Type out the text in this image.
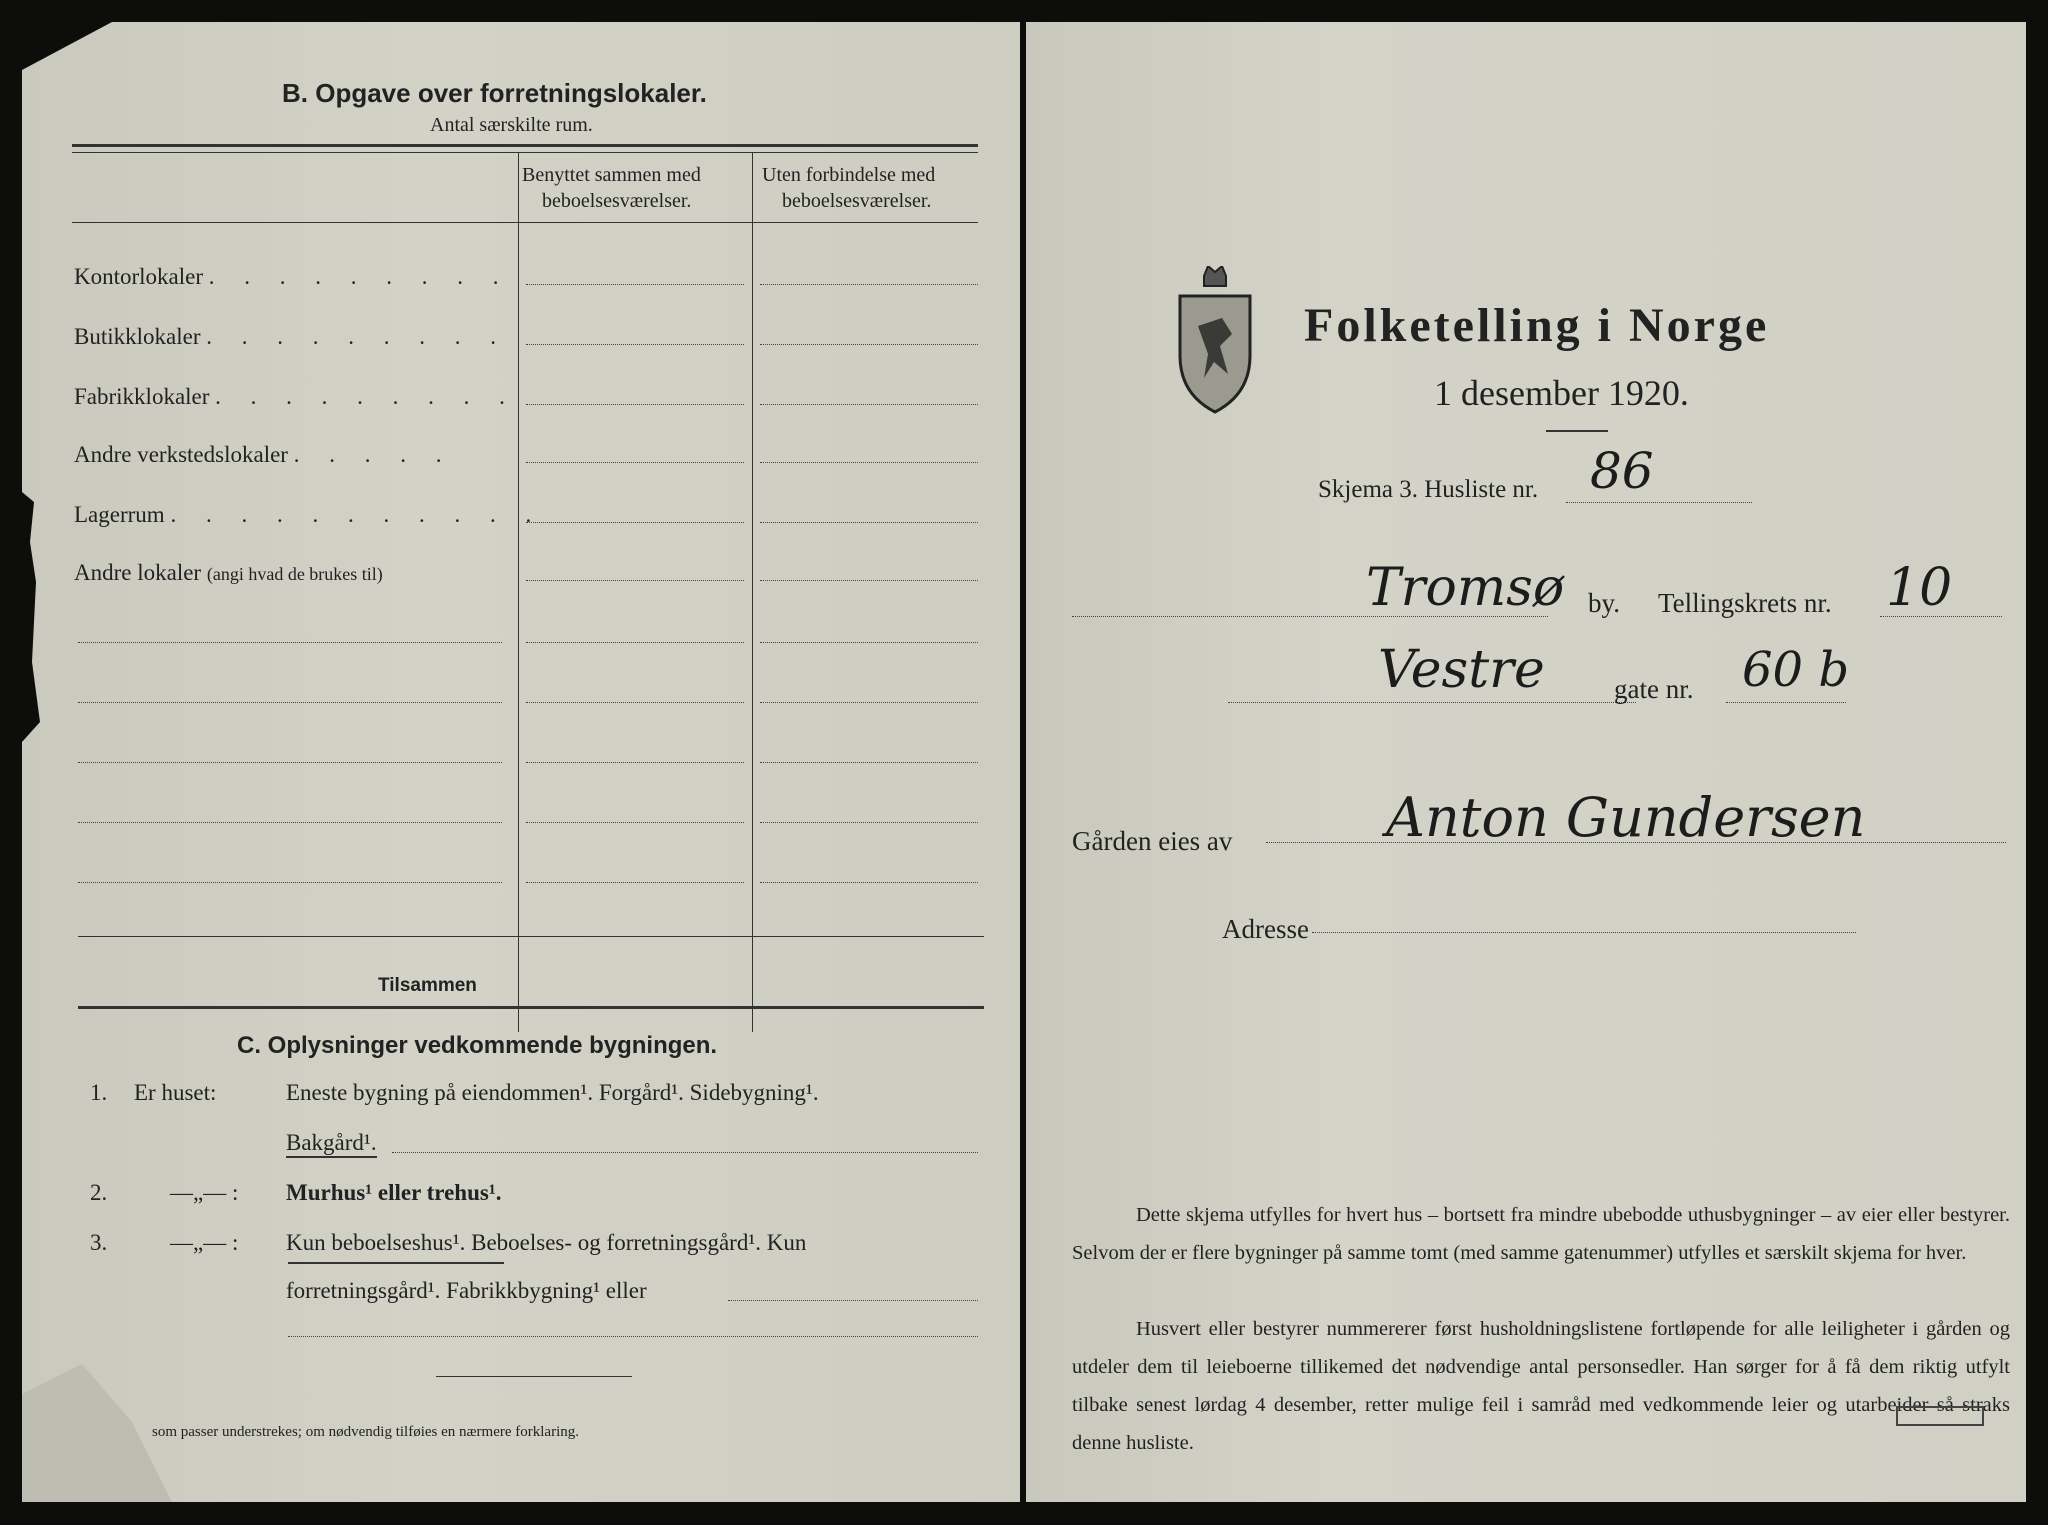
B. Opgave over forretningslokaler.
Antal særskilte rum.
Benyttet sammen med
beboelsesværelser.
Uten forbindelse med
beboelsesværelser.
Kontorlokaler . . . . . . . . .
Butikklokaler . . . . . . . . .
Fabrikklokaler . . . . . . . . .
Andre verkstedslokaler . . . . .
Lagerrum . . . . . . . . . . .
Andre lokaler (angi hvad de brukes til)
Tilsammen
C. Oplysninger vedkommende bygningen.
1. Er huset:	Eneste bygning på eiendommen¹. Forgård¹. Sidebygning¹.
Bakgård¹.
2.	—„— : Murhus¹ eller trehus¹.
3.	—„— : Kun beboelseshus¹. Beboelses- og forretningsgård¹. Kun
forretningsgård¹. Fabrikkbygning¹ eller
som passer understrekes; om nødvendig tilføies en nærmere forklaring.
Folketelling i Norge
1 desember 1920.
Skjema 3. Husliste nr. 86
Tromsø by. Tellingskrets nr. 10
Vestre	gate nr. 60 b
Gården eies av	Anton Gundersen
Adresse
Dette skjema utfylles for hvert hus – bortsett fra mindre ubebodde uthusbygninger – av eier eller bestyrer. Selvom der er flere bygninger på samme tomt (med samme gatenummer) utfylles et særskilt skjema for hver.
Husvert eller bestyrer nummererer først husholdningslistene fortløpende for alle leiligheter i gården og utdeler dem til leieboerne tillikemed det nødvendige antal personsedler. Han sørger for å få dem riktig utfylt tilbake senest lørdag 4 desember, retter mulige feil i samråd med vedkommende leier og utarbeider så straks denne husliste.
